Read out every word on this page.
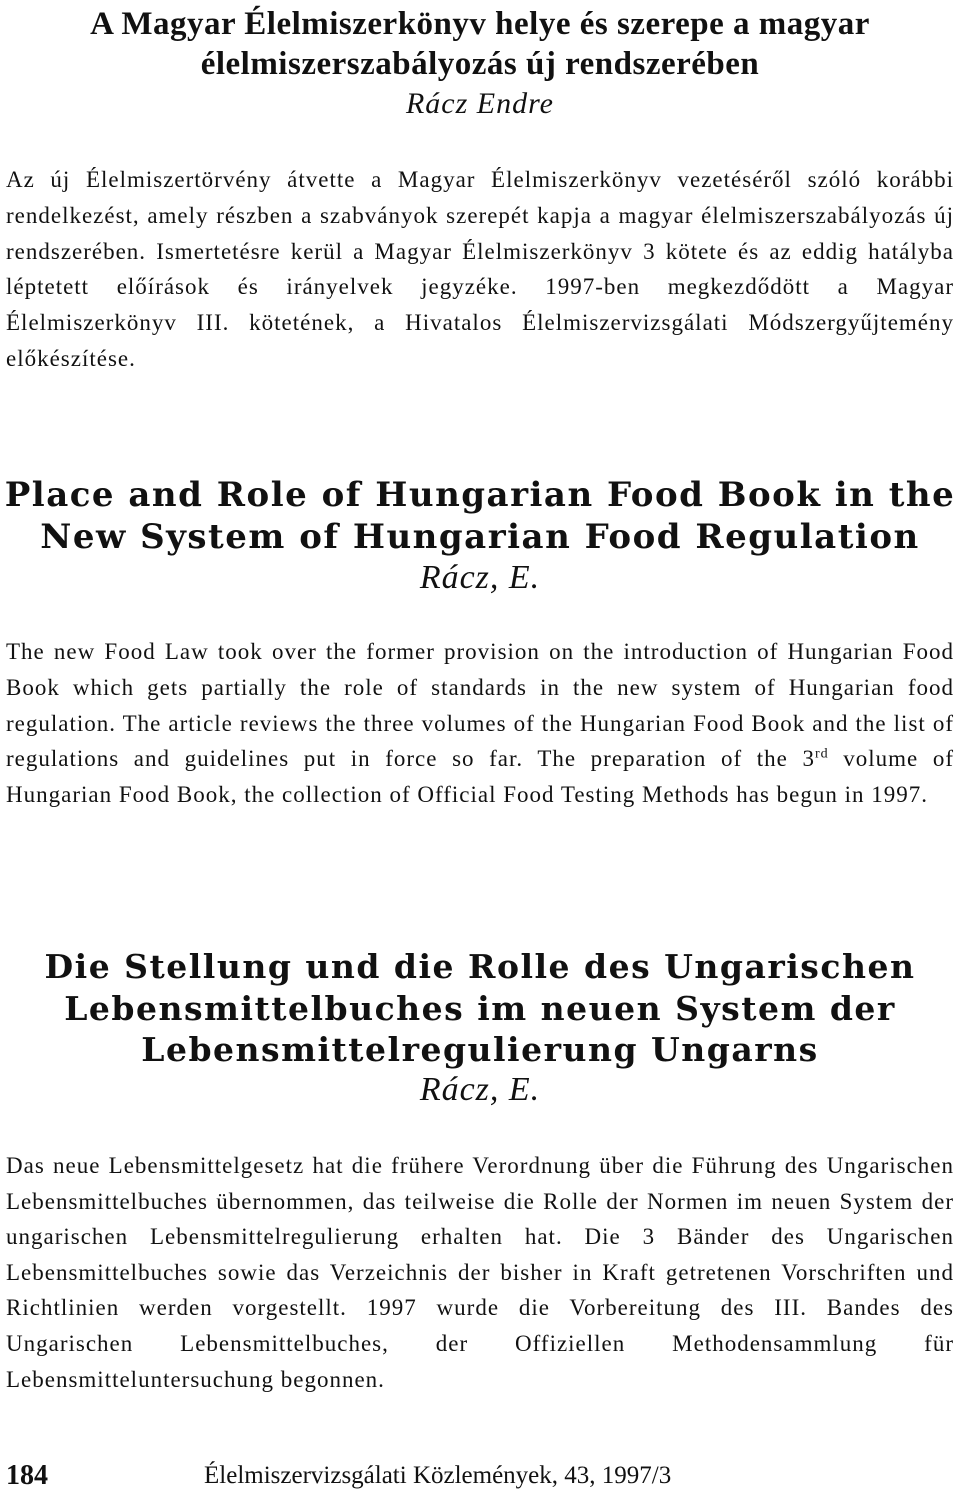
A Magyar Élelmiszerkönyv helye és szerepe a magyar élelmiszerszabályozás új rendszerében
Rácz Endre

Az új Élelmiszertörvény átvette a Magyar Élelmiszerkönyv vezetéséről szóló korábbi rendelkezést, amely részben a szabványok szerepét kapja a magyar élelmiszerszabályozás új rendszerében. Ismertetésre kerül a Magyar Élelmiszerkönyv 3 kötete és az eddig hatályba léptetett előírások és irányelvek jegyzéke. 1997-ben megkezdődött a Magyar Élelmiszerkönyv III. kötetének, a Hivatalos Élelmiszervizsgálati Módszergyűjtemény előkészítése.

Place and Role of Hungarian Food Book in the
New System of Hungarian Food Regulation
Rácz, E.

The new Food Law took over the former provision on the introduction of Hungarian Food Book which gets partially the role of standards in the new system of Hungarian food regulation. The article reviews the three volumes of the Hungarian Food Book and the list of regulations and guidelines put in force so far. The preparation of the 3rd volume of Hungarian Food Book, the collection of Official Food Testing Methods has begun in 1997.

Die Stellung und die Rolle des Ungarischen
Lebensmittelbuches im neuen System der
Lebensmittelregulierung Ungarns
Rácz, E.

Das neue Lebensmittelgesetz hat die frühere Verordnung über die Führung des Ungarischen Lebensmittelbuches übernommen, das teilweise die Rolle der Normen im neuen System der ungarischen Lebensmittelregulierung erhalten hat. Die 3 Bänder des Ungarischen Lebensmittelbuches sowie das Verzeichnis der bisher in Kraft getretenen Vorschriften und Richtlinien werden vorgestellt. 1997 wurde die Vorbereitung des III. Bandes des Ungarischen Lebensmittelbuches, der Offiziellen Methodensammlung für Lebensmitteluntersuchung begonnen.

184	Élelmiszervizsgálati Közlemények, 43, 1997/3
